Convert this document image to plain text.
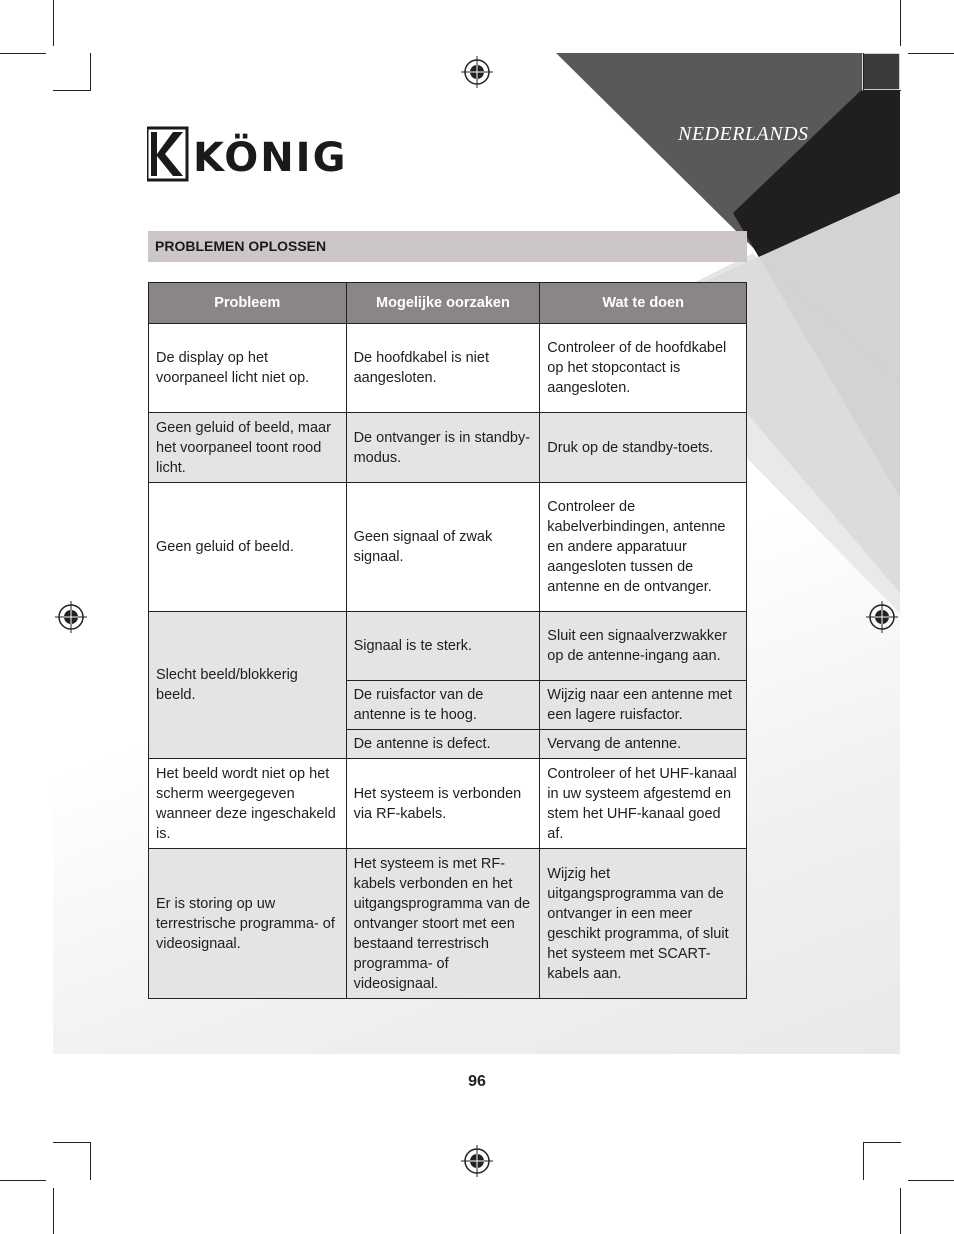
KÖNIG
NEDERLANDS
PROBLEMEN OPLOSSEN
Probleem	Mogelijke oorzaken	Wat te doen
De display op het voorpaneel licht niet op.	De hoofdkabel is niet aangesloten.	Controleer of de hoofdkabel op het stopcontact is aangesloten.
Geen geluid of beeld, maar het voorpaneel toont rood licht.	De ontvanger is in standby-modus.	Druk op de standby-toets.
Geen geluid of beeld.	Geen signaal of zwak signaal.	Controleer de kabelverbindingen, antenne en andere apparatuur aangesloten tussen de antenne en de ontvanger.
Slecht beeld/blokkerig beeld.	Signaal is te sterk.	Sluit een signaalverzwakker op de antenne-ingang aan.
	De ruisfactor van de antenne is te hoog.	Wijzig naar een antenne met een lagere ruisfactor.
	De antenne is defect.	Vervang de antenne.
Het beeld wordt niet op het scherm weergegeven wanneer deze ingeschakeld is.	Het systeem is verbonden via RF-kabels.	Controleer of het UHF-kanaal in uw systeem afgestemd en stem het UHF-kanaal goed af.
Er is storing op uw terrestrische programma- of videosignaal.	Het systeem is met RF-kabels verbonden en het uitgangsprogramma van de ontvanger stoort met een bestaand terrestrisch programma- of videosignaal.	Wijzig het uitgangsprogramma van de ontvanger in een meer geschikt programma, of sluit het systeem met SCART-kabels aan.
96
